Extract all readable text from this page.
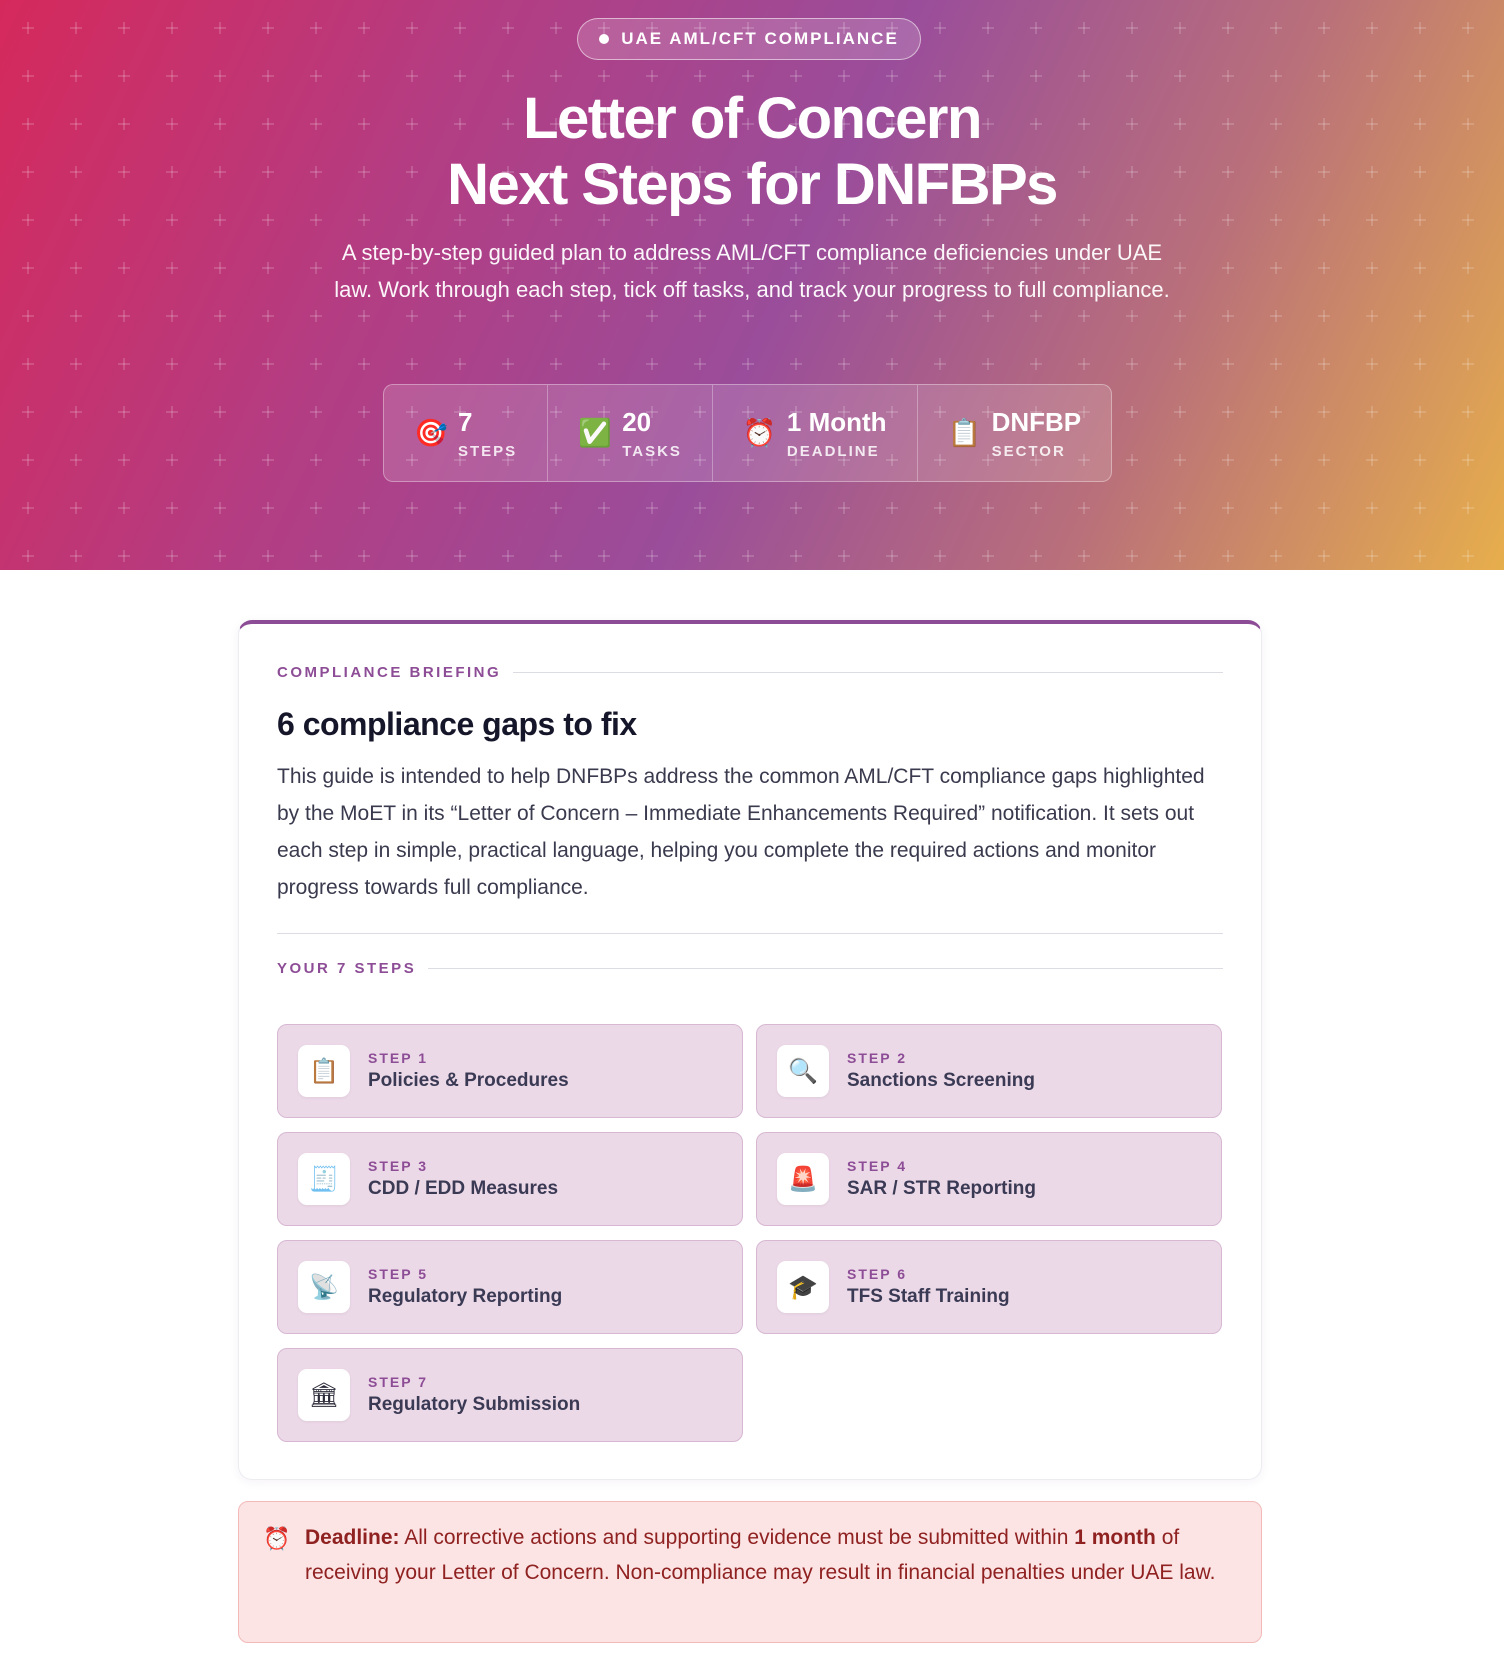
UAE AML/CFT COMPLIANCE
Letter of Concern
Next Steps for DNFBPs
A step-by-step guided plan to address AML/CFT compliance deficiencies under UAE law. Work through each step, tick off tasks, and track your progress to full compliance.
🎯 7
STEPS
✅ 20
TASKS
⏰ 1 Month
DEADLINE
📋 DNFBP
SECTOR
COMPLIANCE BRIEFING
6 compliance gaps to fix
This guide is intended to help DNFBPs address the common AML/CFT compliance gaps highlighted by the MoET in its “Letter of Concern – Immediate Enhancements Required” notification. It sets out each step in simple, practical language, helping you complete the required actions and monitor progress towards full compliance.
YOUR 7 STEPS
📋	STEP 1
Policies & Procedures	🔍	STEP 2
Sanctions Screening
🧾	STEP 3
CDD / EDD Measures	🚨	STEP 4
SAR / STR Reporting
📡	STEP 5
Regulatory Reporting	🎓	STEP 6
TFS Staff Training
🏛	STEP 7
Regulatory Submission
⏰ Deadline: All corrective actions and supporting evidence must be submitted within 1 month of receiving your Letter of Concern. Non-compliance may result in financial penalties under UAE law.
